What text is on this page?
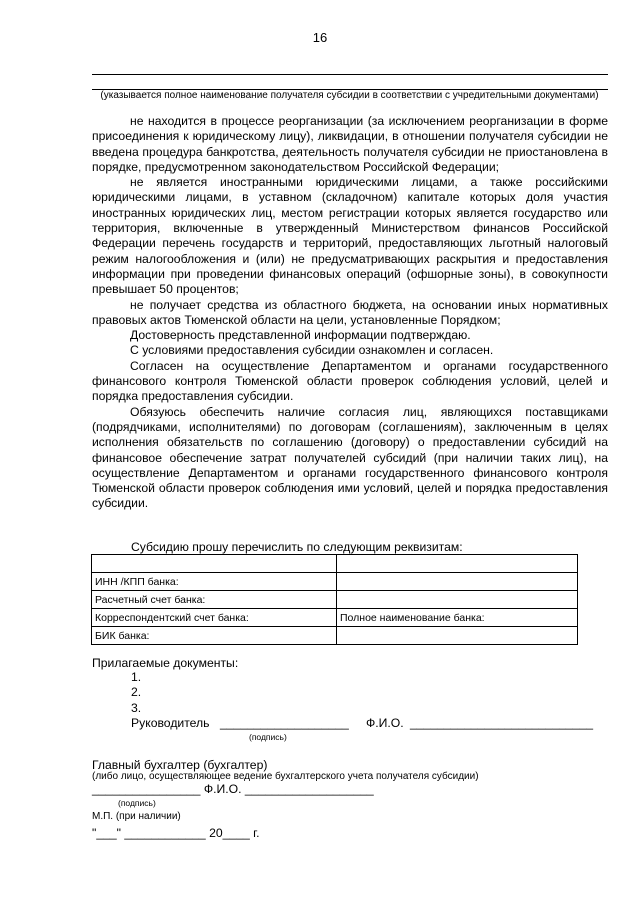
16
(указывается полное наименование получателя субсидии в соответствии с учредительными документами)

не находится в процессе реорганизации (за исключением реорганизации в форме присоединения к юридическому лицу), ликвидации, в отношении получателя субсидии не введена процедура банкротства, деятельность получателя субсидии не приостановлена в порядке, предусмотренном законодательством Российской Федерации;

не является иностранными юридическими лицами, а также российскими юридическими лицами, в уставном (складочном) капитале которых доля участия иностранных юридических лиц, местом регистрации которых является государство или территория, включенные в утвержденный Министерством финансов Российской Федерации перечень государств и территорий, предоставляющих льготный налоговый режим налогообложения и (или) не предусматривающих раскрытия и предоставления информации при проведении финансовых операций (офшорные зоны), в совокупности превышает 50 процентов;

не получает средства из областного бюджета, на основании иных нормативных правовых актов Тюменской области на цели, установленные Порядком;

Достоверность представленной информации подтверждаю.

С условиями предоставления субсидии ознакомлен и согласен.

Согласен на осуществление Департаментом и органами государственного финансового контроля Тюменской области проверок соблюдения условий, целей и порядка предоставления субсидии.

Обязуюсь обеспечить наличие согласия лиц, являющихся поставщиками (подрядчиками, исполнителями) по договорам (соглашениям), заключенным в целях исполнения обязательств по соглашению (договору) о предоставлении субсидий на финансовое обеспечение затрат получателей субсидий (при наличии таких лиц), на осуществление Департаментом и органами государственного финансового контроля Тюменской области проверок соблюдения ими условий, целей и порядка предоставления субсидии.

Субсидию прошу перечислить по следующим реквизитам:

ИНН /КПП банка:	
Расчетный счет банка:	
Корреспондентский счет банка:	Полное наименование банка:
БИК банка:	
Прилагаемые документы:
1.
2.
3.
Руководитель ___________________ Ф.И.О. ___________________________
(подпись)
Главный бухгалтер (бухгалтер)
(либо лицо, осуществляющее ведение бухгалтерского учета получателя субсидии)
________________ Ф.И.О. ___________________
(подпись)
М.П. (при наличии)
"___" ____________ 20____ г.
